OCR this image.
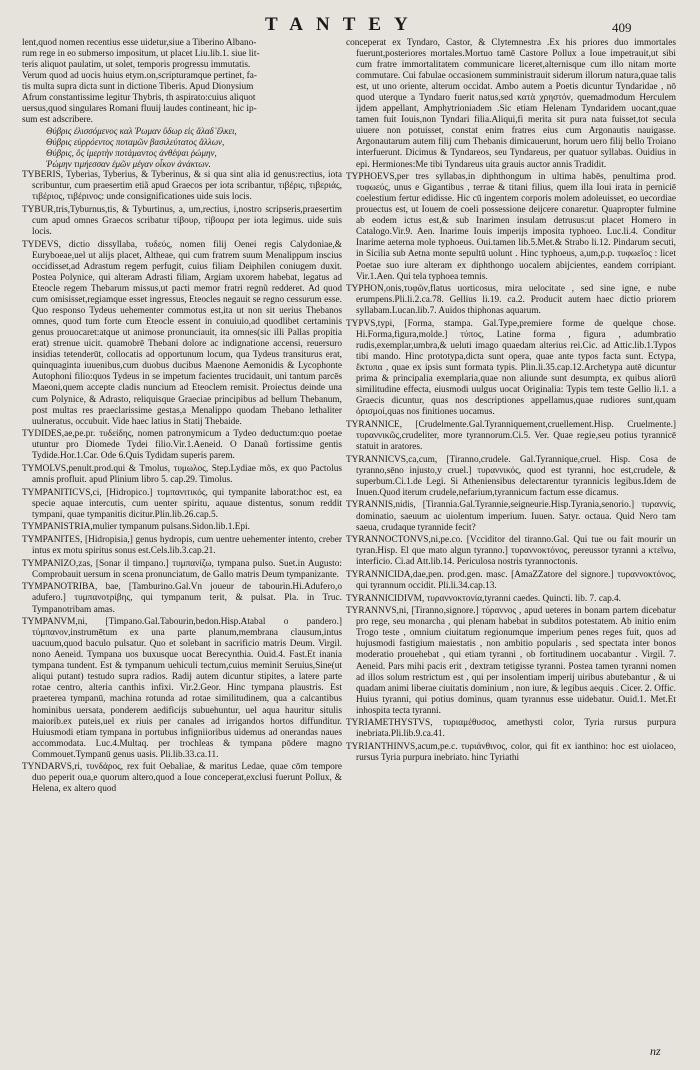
TANTEY	409
lent,quod nomen recentius esse uidetur,siue a Tiberino Albano-
rum rege in eo submerso impositum, ut placet Liu.lib.1. siue lit-
teris aliquot paulatim, ut solet, temporis progressu immutatis.
Verum quod ad uocis huius etym.on,scripturamque pertinet, fa-
tis multa supra dicta sunt in dictione Tiberis. Apud Dionysium
Afrum constantissime legitur Thybris, th aspirato:cuius aliquot
uersus,quod singulares Romani fluuij laudes contineant, hic ip-
sum est adscribere.
Θύβρις ἐλισσόμενος καλ Ῥωμαν ὕδωρ εἰς ἅλαδ᾽ἕλκει,
Θύβρις εὐρρόεντος ποταμῶν βασιλεύτατος ἄλλων,
Θύβρις, ὃς ἱμερτὴν ποτάμαντος ἀνθέψαι ῥώμην,
Ῥώμην τιμήεσσαν ἐμῶν μέγαν οἶκον ἀνάκτων.
TYBERIS, Tyberias, Tyberius, & Tyberinus, & si qua sint alia id genus:rectius, iota scribuntur, cum praesertim etiã apud Graecos per iota scribantur, τιβέρις, τιβεριάς, τιβέριος, τιβέρινος: unde consignificationes uide suis locis.
TYBUR,tris,Tyburnus,tis, & Tyburtinus, a, um,rectius, i,nostro scripseris,praesertim cum apud omnes Graecos scribatur τίβουρ, τίβουρα per iota legimus. uide suis locis.
TYDEVS, dictio dissyllaba, τυδεύς, nomen filij Oenei regis Calydoniae,& Euryboeae,uel ut alijs placet, Altheae, qui cum fratrem suum Menalippum inscius occidisset,ad Adrastum regem perfugit, cuius filiam Deiphilen coniugem duxit. Postea Polynice, qui alteram Adrasti filiam, Argiam uxorem habebat, legatus ad Eteocle regem Thebarum missus,ut pacti memor fratri regnũ redderet. Ad quod cum omisisset,regiamque esset ingressus, Eteocles negauit se regno cessurum esse. Quo responso Tydeus uehementer commotus est,ita ut non sit uerius Thebanos omnes, quod tum forte cum Eteocle essent in conuiuio,ad quodlibet certaminis genus prouocaret:atque ut animose pronunciauit, ita omnes(sic illi Pallas propitia erat) strenue uicit. quamobrē Thebani dolore ac indignatione accensi, reuersuro insidias tetenderūt, collocatis ad opportunum locum, qua Tydeus transiturus erat, quinquaginta iuuenibus,cum duobus ducibus Maenone Aemonidis & Lycophonte Autophoni filio:quos Tydeus in se impetum facientes trucidauit, uni tantum parcēs Maeoni,quem accepte cladis nuncium ad Eteoclem remisit. Proiectus deinde una cum Polynice, & Adrasto, reliquisque Graeciae principibus ad bellum Thebanum, post multas res praeclarissime gestas,a Menalippo quodam Thebano lethaliter uulneratus, occubuit. Vide haec latius in Statij Thebaide.
TYDIDES,aе,pe.pr. τυδείδης, nomen patronymicum a Tydeo deductum:quo poetae utuntur pro Diomede Tydei filio.Vir.1.Aeneid. O Danaũ fortissime gentis Tydide.Hor.1.Car. Ode 6.Quis Tydidam superis parem.
TYMOLVS,penult.prod.qui & Tmolus, τυμωλος, Step.Lydiae mõs, ex quo Pactolus amnis profluit. apud Plinium libro 5. cap.29. Timolus.
TYMPANITICVS,ci, [Hidropico.] τυμπανιτικός, qui tympanite laborat:hoc est, ea specie aquae intercutis, cum uenter spiritu, aquaue distentus, sonum reddit tympani, quae tympanitis dicitur.Plin.lib.26.cap.5.
TYMPANISTRIA,mulier tympanum pulsans.Sidon.lib.1.Epi.
TYMPANITES, [Hidropisia,] genus hydropis, cum uentre uehementer intento, creber intus ex motu spiritus sonus est.Cels.lib.3.cap.21.
TYMPANIZO,zas, [Sonar il timpano.] τυμπανίζω, tympana pulso. Suet.in Augusto: Comprobauit uersum in scena pronunciatum, de Gallo matris Deum tympanizante.
TYMPANOTRIBA, bae, [Tamburino.Gal.Vn joueur de tabourin.Hi.Adufero,o adufero.] τυμπανοτρίβης, qui tympanum terit, & pulsat. Pla. in Truc. Tympanotribam amas.
TYMPANVM,ni, [Timpano.Gal.Tabourin,bedon.Hisp.Atabal o pandero.] τύμπανον,instrumētum ex una parte planum,membrana clausum,intus uacuum,quod baculo pulsatur. Quo et solebant in sacrificio matris Deum. Virgil. nono Aeneid. Tympana uos buxusque uocat Berecynthia. Ouid.4. Fast.Et inania tympana tundent. Est & tympanum uehiculi tectum,cuius meminit Seruius,Sine(ut aliqui putant) testudo supra radios. Radij autem dicuntur stipites, a latere parte rotae centro, alteria canthis infixi. Vir.2.Geor. Hinc tympana plaustris. Est praeterea tympanū, machina rotunda ad rotae similitudinem, qua a calcantibus hominibus uersata, ponderem aedificijs subuehuntur, uel aqua hauritur situlis maiorib.ex puteis,uel ex riuis per canales ad irrigandos hortos diffunditur. Huiusmodi etiam tympana in portubus infigniioribus uidemus ad onerandas naues accommodata. Luc.4.Multaq. per trochleas & tympana pōdere magno Commouet.Tympanū genus uasis. Pli.lib.33.ca.11.
TYNDARVS,ri, τυνδάρος, rex fuit Oebaliae, & maritus Ledae, quae cōm tempore duo peperit oua,e quorum altero,quod a Ioue conceperat,exclusi fuerunt Pollux, & Helena, ex altero quod
conceperat ex Tyndaro, Castor, & Clytemnestra .Ex his priores duo immortales fuerunt,posteriores mortales.Mortuo tamē Castore Pollux a Ioue impetrauit,ut sibi cum fratre immortalitatem communicare liceret,alternisque cum illo nitam morte commutare. Cui fabulae occasionem sumministrauit siderum illorum natura,quae talis est, ut uno oriente, alterum occidat. Ambo autem a Poetis dicuntur Tyndaridae , nō quod uterque a Tyndaro fuerit natus,sed κατὰ χρηστόν, quemadmodum Herculem ijdem appellant, Amphytrioniadem .Sic etiam Helenam Tyndaridem uocant,quae tamen fuit Iouis,non Tyndari filia.Aliqui,fi merita sit pura nata fuisset,tot secula uiuere non potuisset, constat enim fratres eius cum Argonautis nauigasse. Argonautarum autem filij cum Thebanis dimicauerunt, horum uero filij bello Troiano interfuerunt. Dicimus & Tyndareos, seu Tyndareus, per quatuor syllabas. Ouidius in epi. Hermiones:Me tibi Tyndareus uita grauis auctor annis Tradidit.
TYPHOEVS,per tres syllabas,in diphthongum in ultima habēs, penultima prod. τυφωεύς, unus e Gigantibus , terrae & titani filius, quem illa Ioui irata in perniciē coelestium fertur edidisse. Hic cū ingentem corporis molem adoleuisset, eo uecordiae prouectus est, ut Iouem de coeli possessione deijcere conaretur. Quapropter fulmine ab eodem ictus est,& sub Inarimen insulam detrusus:ut placet Homero in Catalogo.Vir.9. Aen. Inarime Iouis imperijs imposita typhoeo. Luc.li.4. Conditur Inarime aeterna mole typhoeus. Oui.tamen lib.5.Met.& Strabo li.12. Pindarum secuti, in Sicilia sub Aetna monte sepultū uolunt . Hinc typhoeus, a,um,p.p. τυφωεῖος : licet Poetae suo iure alteram ex diphthongo uocalem abijcientes, eandem corripiant. Vir.1.Aen. Qui tela typhoea temnis.
TYPHON,onis,τυφῶν,flatus uorticosus, mira uelocitate , sed sine igne, e nube erumpens.Pli.li.2.ca.78. Gellius li.19. ca.2. Producit autem haec dictio priorem syllabam.Lucan.lib.7. Auidos thiphonas aquarum.
TYPVS,typi, [Forma, stampa. Gal.Type,premiere forme de quelque chose. Hi.Forma,figura,molde.] τύπος, Latine forma , figura , adumbratio rudis,exemplar,umbra,& ueluti imago quaedam alterius rei.Cic. ad Attic.lib.1.Typos tibi mando. Hinc prototypa,dicta sunt opera, quae ante typos facta sunt. Ectypa, ἔκτυπα , quae ex ipsis sunt formata typis. Plin.li.35.cap.12.Archetypa autē dicuntur prima & principalia exemplaria,quae non aliunde sunt desumpta, ex quibus aliorū similitudine effecta, eiusmodi uulgus uocat Originalia: Typis tem teste Gellio li.1. a Graecis dicuntur, quas nos descriptiones appellamus,quae rudiores sunt,quam ὁρισμοί,quas nos finitiones uocamus.
TYRANNICE, [Crudelmente.Gal.Tyranniquement,cruellement.Hisp. Cruelmente.] τυραννικῶς,crudeliter, more tyrannorum.Ci.5. Ver. Quae regie,seu potius tyrannicē statuit in aratores.
TYRANNICVS,ca,cum, [Tiranno,crudele. Gal.Tyrannique,cruel. Hisp. Cosa de tyranno,sēno injusto,y cruel.] τυραννικός, quod est tyranni, hoc est,crudele, & superbum.Ci.1.de Legi. Si Atheniensibus delectarentur tyrannicis legibus.Idem de Inuen.Quod iterum crudele,nefarium,tyrannicum factum esse dicamus.
TYRANNIS,nidis, [Tirannia.Gal.Tyrannie,seigneurie.Hisp.Tyrania,senorio.] τυραννίς, dominatio, saeuum ac uiolentum imperium. Iuuen. Satyr. octaua. Quid Nero tam saeua, crudaque tyrannide fecit?
TYRANNOCTONVS,ni,pe.co. [Vcciditor del tiranno.Gal. Qui tue ou fait mourir un tyran.Hisp. El que mato algun tyranno.] τυραννοκτόνος, pereussor tyranni a κτεῖνω, interficio. Ci.ad Att.lib.14. Periculosa nostris tyrannoctonis.
TYRANNICIDA,dae,pen. prod.gen. masc. [AmaZZatore del signore.] τυραννοκτόνος, qui tyrannum occidit. Pli.li.34.cap.13.
TYRANNICIDIVM, τυραννοκτονία,tyranni caedes. Quincti. lib. 7. cap.4.
TYRANNVS,ni, [Tiranno,signore.] τύραννος , apud ueteres in bonam partem dicebatur pro rege, seu monarcha , qui plenam habebat in subditos potestatem. Ab initio enim Trogo teste , omnium ciuitatum regionumque imperium penes reges fuit, quos ad hujusmodi fastigium maiestatis , non ambitio popularis , sed spectata inter bonos moderatio prouehebat , qui etiam tyranni , ob fortitudinem uocabantur . Virgil. 7. Aeneid. Pars mihi pacis erit , dextram tetigisse tyranni. Postea tamen tyranni nomen ad illos solum restrictum est , qui per insolentiam imperij uiribus abutebantur , & ui quadam animi liberae ciuitatis dominium , non iure, & legibus aequis . Cicer. 2. Offic. Huius tyranni, qui potius dominus, quam tyrannus esse uidebatur. Ouid.1. Met.Et inhospita tecta tyranni.
TYRIAMETHYSTVS, τυριαμέθυσος, amethysti color, Tyria rursus purpura inebriata.Pli.lib.9.ca.41.
TYRIANTHINVS,acum,pe.c. τυριάνθινος, color, qui fit ex ianthino: hoc est uiolaceo, rursus Tyria purpura inebriato. hinc Tyriathi
nz
